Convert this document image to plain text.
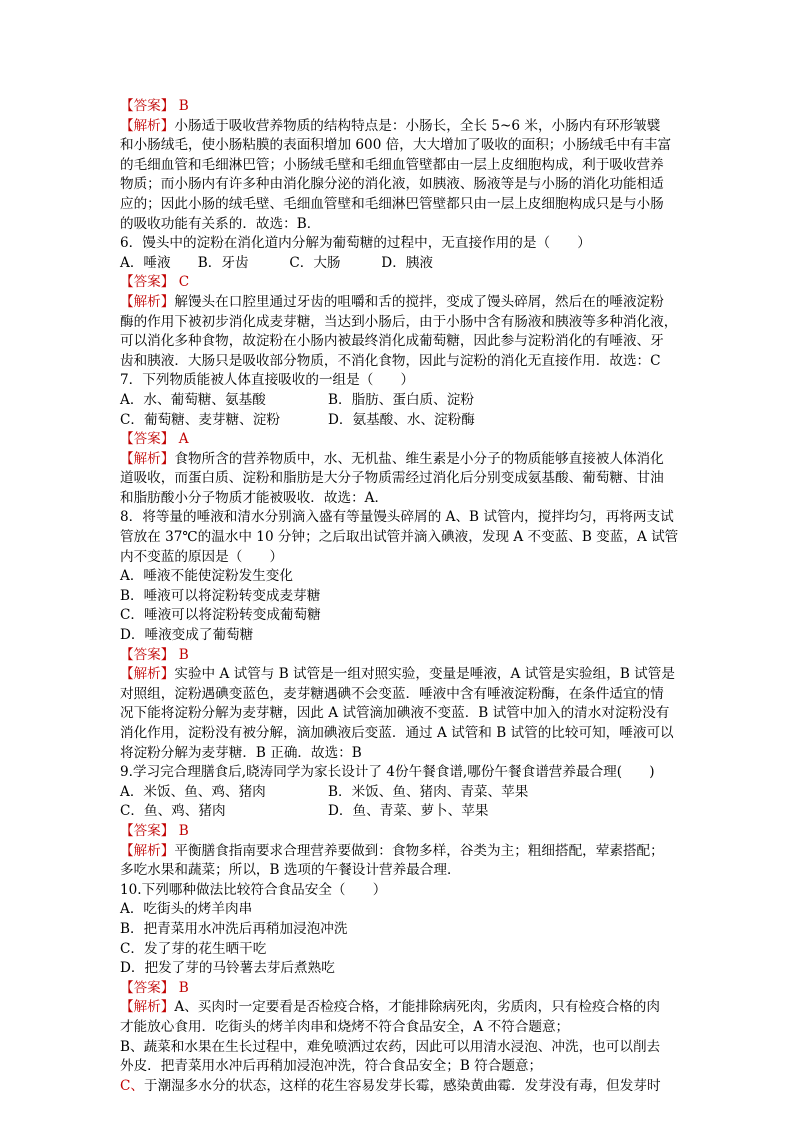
【答案】 B
【解析】小肠适于吸收营养物质的结构特点是：小肠长，全长 5~6 米，小肠内有环形皱襞
和小肠绒毛，使小肠粘膜的表面积增加 600 倍，大大增加了吸收的面积；小肠绒毛中有丰富
的毛细血管和毛细淋巴管；小肠绒毛壁和毛细血管壁都由一层上皮细胞构成，利于吸收营养
物质；而小肠内有许多种由消化腺分泌的消化液，如胰液、肠液等是与小肠的消化功能相适
应的；因此小肠的绒毛壁、毛细血管壁和毛细淋巴管壁都只由一层上皮细胞构成只是与小肠
的吸收功能有关系的．故选：B．
6．馒头中的淀粉在消化道内分解为葡萄糖的过程中，无直接作用的是（　　）
A．唾液　　B．牙齿　　　C．大肠　　　D．胰液
【答案】 C
【解析】解馒头在口腔里通过牙齿的咀嚼和舌的搅拌，变成了馒头碎屑，然后在的唾液淀粉
酶的作用下被初步消化成麦芽糖，当达到小肠后，由于小肠中含有肠液和胰液等多种消化液，
可以消化多种食物，故淀粉在小肠内被最终消化成葡萄糖，因此参与淀粉消化的有唾液、牙
齿和胰液．大肠只是吸收部分物质，不消化食物，因此与淀粉的消化无直接作用．故选：C
7．下列物质能被人体直接吸收的一组是（　　）
A．水、葡萄糖、氨基酸	B．脂肪、蛋白质、淀粉
C．葡萄糖、麦芽糖、淀粉	D．氨基酸、水、淀粉酶
【答案】 A
【解析】食物所含的营养物质中，水、无机盐、维生素是小分子的物质能够直接被人体消化
道吸收，而蛋白质、淀粉和脂肪是大分子物质需经过消化后分别变成氨基酸、葡萄糖、甘油
和脂肪酸小分子物质才能被吸收．故选：A．
8．将等量的唾液和清水分别滴入盛有等量馒头碎屑的 A、B 试管内，搅拌均匀，再将两支试
管放在 37℃的温水中 10 分钟；之后取出试管并滴入碘液，发现 A 不变蓝、B 变蓝，A 试管
内不变蓝的原因是（　　）
A．唾液不能使淀粉发生变化
B．唾液可以将淀粉转变成麦芽糖
C．唾液可以将淀粉转变成葡萄糖
D．唾液变成了葡萄糖
【答案】 B
【解析】实验中 A 试管与 B 试管是一组对照实验，变量是唾液，A 试管是实验组，B 试管是
对照组，淀粉遇碘变蓝色，麦芽糖遇碘不会变蓝．唾液中含有唾液淀粉酶，在条件适宜的情
况下能将淀粉分解为麦芽糖，因此 A 试管滴加碘液不变蓝．B 试管中加入的清水对淀粉没有
消化作用，淀粉没有被分解，滴加碘液后变蓝．通过 A 试管和 B 试管的比较可知，唾液可以
将淀粉分解为麦芽糖．B 正确．故选：B
9.学习完合理膳食后,晓涛同学为家长设计了 4份午餐食谱,哪份午餐食谱营养最合理(　　)
A．米饭、鱼、鸡、猪肉	B．米饭、鱼、猪肉、青菜、苹果
C．鱼、鸡、猪肉	D．鱼、青菜、萝卜、苹果
【答案】 B
【解析】平衡膳食指南要求合理营养要做到：食物多样，谷类为主；粗细搭配，荤素搭配；
多吃水果和蔬菜；所以，B 选项的午餐设计营养最合理．
10.下列哪种做法比较符合食品安全（　　）
A．吃街头的烤羊肉串
B．把青菜用水冲洗后再稍加浸泡冲洗
C．发了芽的花生晒干吃
D．把发了芽的马铃薯去芽后煮熟吃
【答案】 B
【解析】A、买肉时一定要看是否检疫合格，才能排除病死肉，劣质肉，只有检疫合格的肉
才能放心食用．吃街头的烤羊肉串和烧烤不符合食品安全，A 不符合题意；
B、蔬菜和水果在生长过程中，难免喷洒过农药，因此可以用清水浸泡、冲洗，也可以削去
外皮．把青菜用水冲后再稍加浸泡冲洗，符合食品安全；B 符合题意；
C、于潮湿多水分的状态，这样的花生容易发芽长霉，感染黄曲霉．发芽没有毒，但发芽时
